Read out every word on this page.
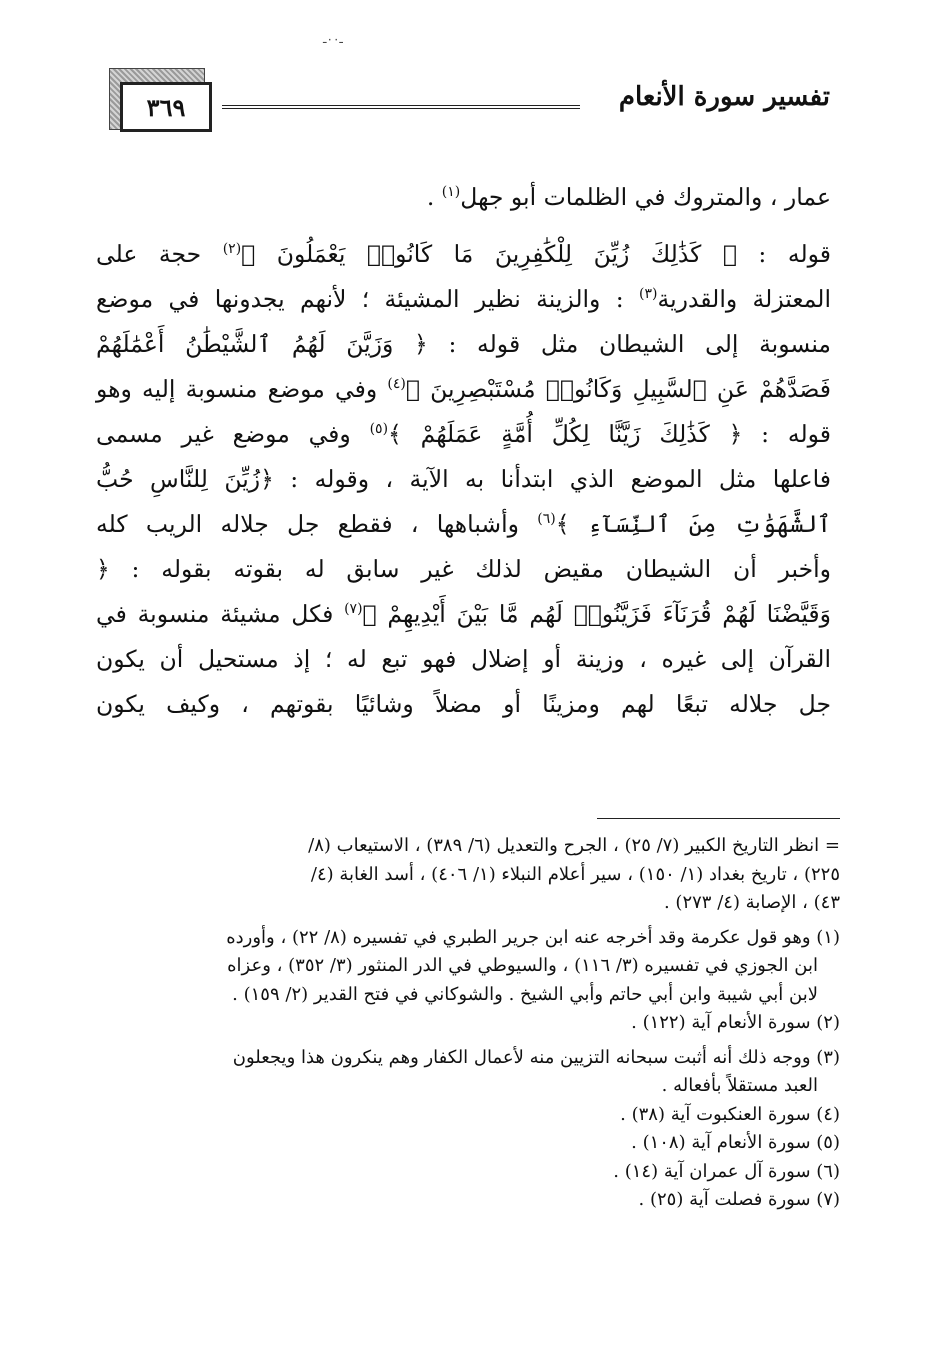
ـ٠٠ـ
٣٦٩	تفسير سورة الأنعام

عمار ، والمتروك في الظلمات أبو جهل$^{(١)}$ .

قوله : ﴿ كَذَٰلِكَ زُيِّنَ لِلْكَٰفِرِينَ مَا كَانُوا۟ يَعْمَلُونَ ﴾$^{(٢)}$ حجة على
المعتزلة والقدرية$^{(٣)}$ : والزينة نظير المشيئة ؛ لأنهم يجدونها في موضع
منسوبة إلى الشيطان مثل قوله : ﴿ وَزَيَّنَ لَهُمُ ٱلشَّيْطَٰنُ أَعْمَٰلَهُمْ
فَصَدَّهُمْ عَنِ ٱلسَّبِيلِ وَكَانُوا۟ مُسْتَبْصِرِينَ ﴾$^{(٤)}$ وفي موضع منسوبة إليه وهو
قوله : ﴿ كَذَٰلِكَ زَيَّنَّا لِكُلِّ أُمَّةٍ عَمَلَهُمْ ﴾$^{(٥)}$ وفي موضع غير مسمى
فاعلها مثل الموضع الذي ابتدأنا به الآية ، وقوله : ﴿زُيِّنَ لِلنَّاسِ حُبُّ
ٱلشَّهَوَٰتِ مِنَ ٱلنِّسَآءِ ﴾$^{(٦)}$ وأشباهها ، فقطع جل جلاله الريب كله
وأخبر أن الشيطان مقيض لذلك غير سابق له بقوته بقوله : ﴿
وَقَيَّضْنَا لَهُمْ قُرَنَآءَ فَزَيَّنُوا۟ لَهُم مَّا بَيْنَ أَيْدِيهِمْ ﴾$^{(٧)}$ فكل مشيئة منسوبة في
القرآن إلى غيره ، وزينة أو إضلال فهو تبع له ؛ إذ مستحيل أن يكون
جل جلاله تبعًا لهم ومزينًا أو مضلاً وشائيًا بقوتهم ، وكيف يكون

= انظر التاريخ الكبير (٧/ ٢٥) ، الجرح والتعديل (٦/ ٣٨٩) ، الاستيعاب (٨/
٢٢٥) ، تاريخ بغداد (١/ ١٥٠) ، سير أعلام النبلاء (١/ ٤٠٦) ، أسد الغابة (٤/
٤٣) ، الإصابة (٤/ ٢٧٣) .
(١) وهو قول عكرمة وقد أخرجه عنه ابن جرير الطبري في تفسيره (٨/ ٢٢) ، وأورده
ابن الجوزي في تفسيره (٣/ ١١٦) ، والسيوطي في الدر المنثور (٣/ ٣٥٢) ، وعزاه
لابن أبي شيبة وابن أبي حاتم وأبي الشيخ . والشوكاني في فتح القدير (٢/ ١٥٩) .
(٢) سورة الأنعام آية (١٢٢) .
(٣) ووجه ذلك أنه أثبت سبحانه التزيين منه لأعمال الكفار وهم ينكرون هذا ويجعلون
العبد مستقلاً بأفعاله .
(٤) سورة العنكبوت آية (٣٨) .
(٥) سورة الأنعام آية (١٠٨) .
(٦) سورة آل عمران آية (١٤) .
(٧) سورة فصلت آية (٢٥) .
